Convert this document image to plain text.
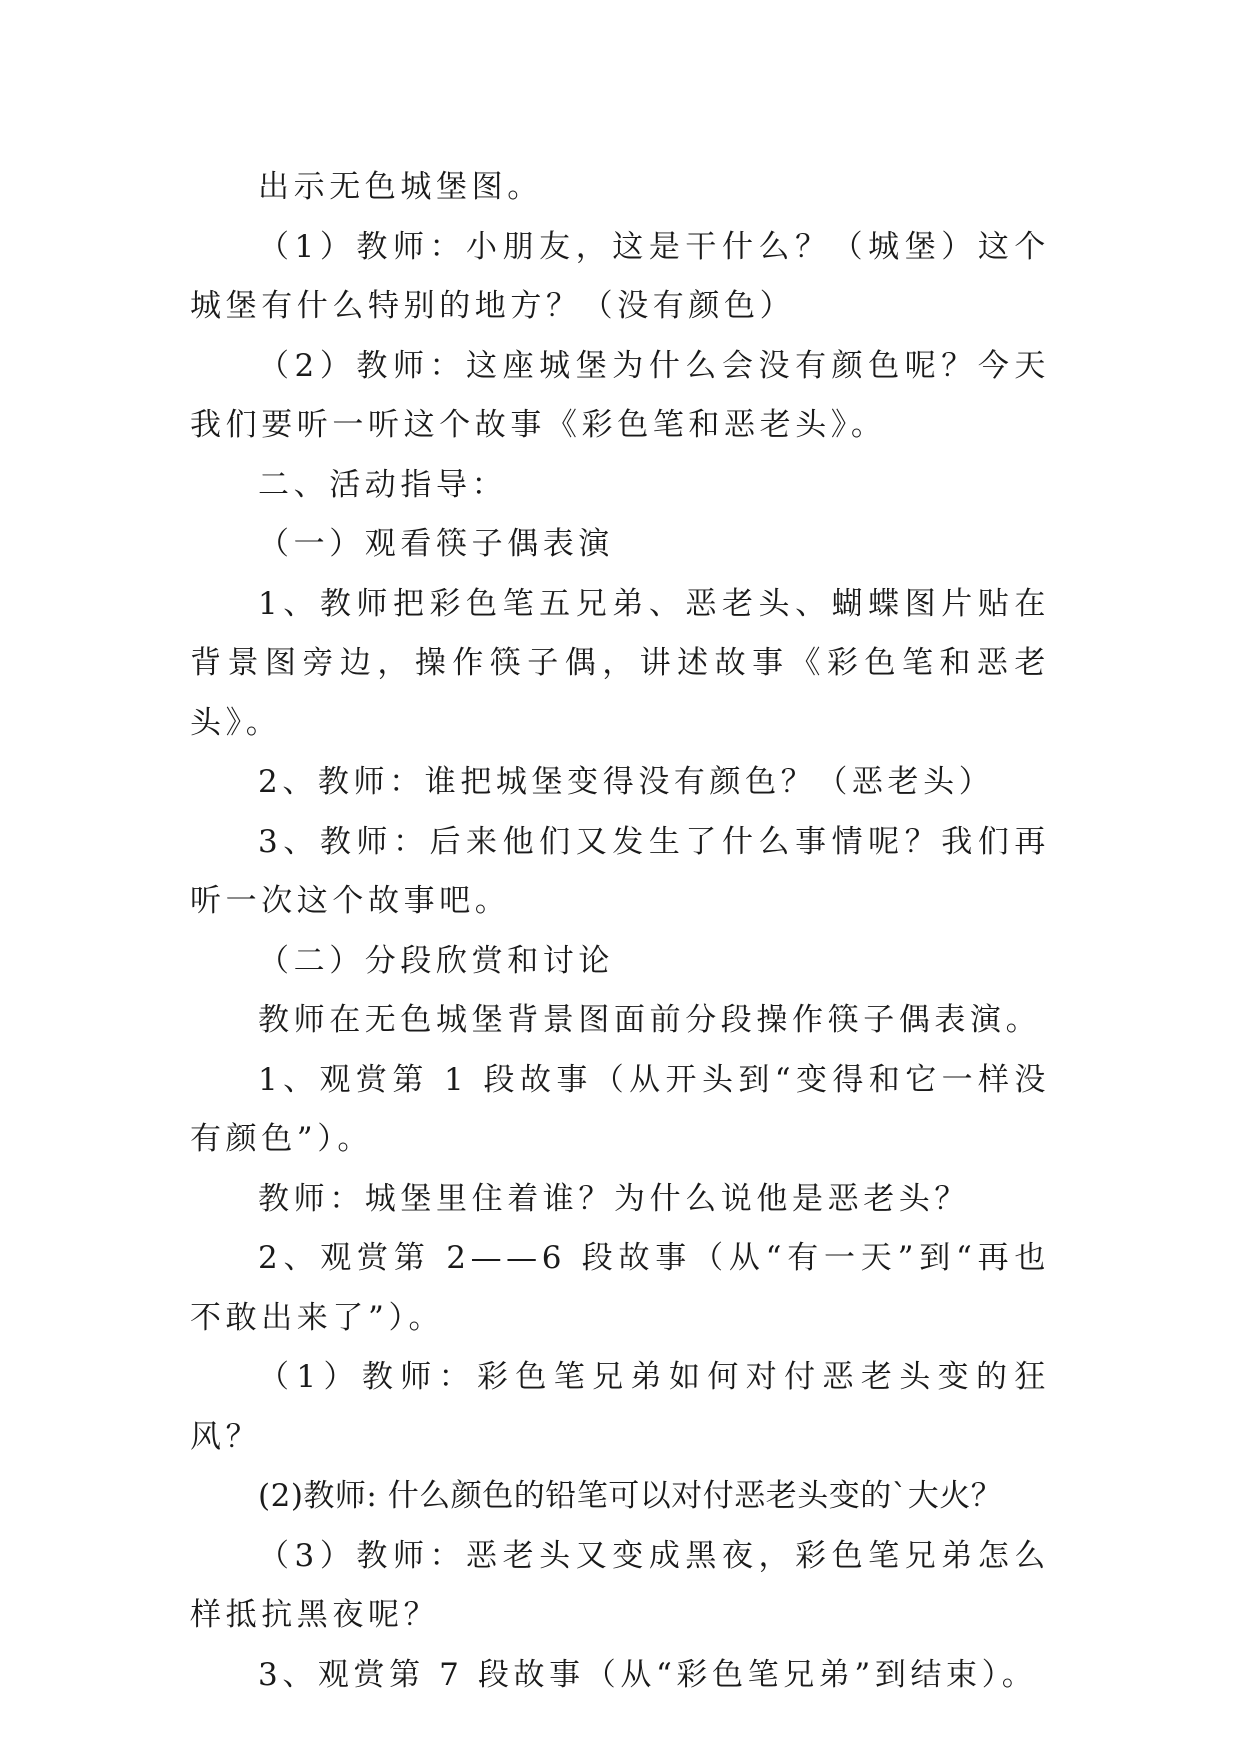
出示无色城堡图。

（1）教师：小朋友，这是干什么？（城堡）这个城堡有什么特别的地方？（没有颜色）

（2）教师：这座城堡为什么会没有颜色呢？今天我们要听一听这个故事《彩色笔和恶老头》。

二、活动指导：

（一）观看筷子偶表演

1、教师把彩色笔五兄弟、恶老头、蝴蝶图片贴在背景图旁边，操作筷子偶，讲述故事《彩色笔和恶老头》。

2、教师：谁把城堡变得没有颜色？（恶老头）

3、教师：后来他们又发生了什么事情呢？我们再听一次这个故事吧。

（二）分段欣赏和讨论

教师在无色城堡背景图面前分段操作筷子偶表演。

1、观赏第 1 段故事（从开头到“变得和它一样没有颜色”）。

教师：城堡里住着谁？为什么说他是恶老头？

2、观赏第 2——6 段故事（从“有一天”到“再也不敢出来了”）。

（1）教师：彩色笔兄弟如何对付恶老头变的狂风？

(2)教师: 什么颜色的铅笔可以对付恶老头变的`大火？

（3）教师：恶老头又变成黑夜，彩色笔兄弟怎么样抵抗黑夜呢？

3、观赏第 7 段故事（从“彩色笔兄弟”到结束）。
